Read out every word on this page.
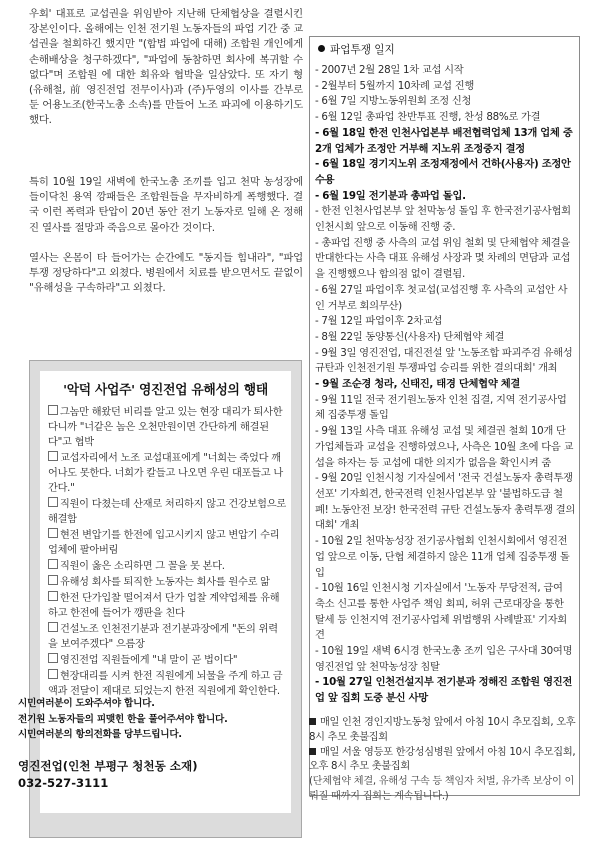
우회' 대표로 교섭권을 위임받아 지난해 단체협상을 결렬시킨 장본인이다. 올해에는 인천 전기원 노동자들의 파업 기간 중 교섭권을 철회하긴 했지만 "(합법 파업에 대해) 조합원 개인에게 손해배상을 청구하겠다", "파업에 동참하면 회사에 복귀할 수 없다"며 조합원 에 대한 회유와 협박을 일삼았다. 또 자기 형(유해철, 前 영진전업 전무이사)과 (주)두영의 이사를 간부로 둔 어용노조(한국노총 소속)를 만들어 노조 파괴에 이용하기도 했다.
특히 10월 19일 새벽에 한국노총 조끼를 입고 천막 농성장에 들이닥친 용역 깡패들은 조합원들을 무자비하게 폭행했다. 결국 이런 폭력과 탄압이 20년 동안 전기 노동자로 일해 온 정해진 열사를 절망과 죽음으로 몰아간 것이다.
열사는 온몸이 타 들어가는 순간에도 "동지들 힘내라", "파업 투쟁 정당하다"고 외쳤다. 병원에서 치료를 받으면서도 끝없이 "유해성을 구속하라"고 외쳤다.
'악덕 사업주' 영진전업 유해성의 행태
그놈만 해왔던 비리를 알고 있는 현장 대리가 퇴사한다니까 "너같은 놈은 오천만원이면 간단하게 해결된다"고 협박
교섭자리에서 노조 교섭대표에게 "너희는 죽었다 깨어나도 못한다. 너희가 칼들고 나오면 우린 대포들고 나간다."
직원이 다쳤는데 산재로 처리하지 않고 건강보험으로 해결함
현전 변압기를 한전에 입고시키지 않고 변압기 수리업체에 팔아버림
직원이 옳은 소리하면 그 꼴을 못 본다.
유해성 회사를 퇴직한 노동자는 회사를 원수로 앎
한전 단가입찰 떨어져서 단가 업찰 계약업체를 유해하고 한전에 들어가 깽판을 친다
건설노조 인천전기분과 전기분과장에게 "돈의 위력을 보여주겠다" 으름장
영진전업 직원들에게 "내 말이 곧 법이다"
현장대리를 시켜 한전 직원에게 뇌물을 주게 하고 금액과 전달이 제대로 되었는지 한전 직원에게 확인한다.
시민여러분이 도와주셔야 합니다.
전기원 노동자들의 피맺힌 한을 풀어주셔야 합니다.
시민여러분의 항의전화를 당부드립니다.
영진전업(인천 부평구 청천동 소재)
032-527-3111
파업투쟁 일지
- 2007년 2월 28일 1차 교섭 시작
- 2월부터 5월까지 10차례 교섭 진행
- 6월 7일 지방노동위원회 조정 신청
- 6월 12일 총파업 찬반투표 진행, 찬성 88%로 가결
- 6월 18일 한전 인천사업본부 배전협력업체 13개 업체 중 2개 업체가 조정안 거부해 지노위 조정중지 결정
- 6월 18일 경기지노위 조정재정에서 건하(사용자) 조정안 수용
- 6월 19일 전기분과 총파업 돌입.
- 한전 인천사업본부 앞 천막농성 돌입 후 한국전기공사협회 인천시회 앞으로 이동해 진행 중.
- 총파업 진행 중 사측의 교섭 위임 철회 및 단체협약 체결을 반대한다는 사측 대표 유해성 사장과 몇 차례의 면담과 교섭을 진행했으나 합의점 없이 결렬됨.
- 6월 27일 파업이후 첫교섭(교섭진행 후 사측의 교섭안 사인 거부로 회의무산)
- 7월 12일 파업이후 2차교섭
- 8월 22일 동양통신(사용자) 단체협약 체결
- 9월 3일 영진전업, 대진전설 앞 '노동조합 파괴주검 유해성 규탄과 인천전기원 투쟁파업 승리를 위한 결의대회' 개최
- 9월 조순경 청라, 신태진, 태경 단체협약 체결
- 9월 11일 전국 전기원노동자 인천 집결, 지역 전기공사업체 집중투쟁 돌입
- 9월 13일 사측 대표 유해성 교섭 및 체결권 철회 10개 단가업체들과 교섭을 진행하였으나, 사측은 10월 초에 다음 교섭을 하자는 등 교섭에 대한 의지가 없음을 확인시켜 줌
- 9월 20일 인천시청 기자실에서 '전국 건설노동자 총력투쟁 선포' 기자회견, 한국전력 인천사업본부 앞 '불법하도급 철폐! 노동안전 보장! 한국전력 규탄 건설노동자 총력투쟁 결의대회' 개최
- 10월 2일 천막농성장 전기공사협회 인천시회에서 영진전업 앞으로 이동, 단협 체결하지 않은 11개 업체 집중투쟁 돌입
- 10월 16일 인천시청 기자실에서 '노동자 무당전적, 급여 축소 신고를 통한 사업주 책임 회피, 허위 근로대장을 통한 탈세 등 인천지역 전기공사업체 위법행위 사례발표' 기자회견
- 10월 19일 새벽 6시경 한국노총 조끼 입은 구사대 30여명 영진전업 앞 천막농성장 침탈
- 10월 27일 인천건설지부 전기분과 정해진 조합원 영진전업 앞 집회 도중 분신 사망
매일 인천 경인지방노동청 앞에서 아침 10시 추모집회, 오후 8시 추모 촛불집회
매일 서울 영등포 한강성심병원 앞에서 아침 10시 추모집회, 오후 8시 추모 촛불집회
(단체협약 체결, 유해성 구속 등 책임자 처벌, 유가족 보상이 이뤄질 때까지 집회는 계속됩니다.)
